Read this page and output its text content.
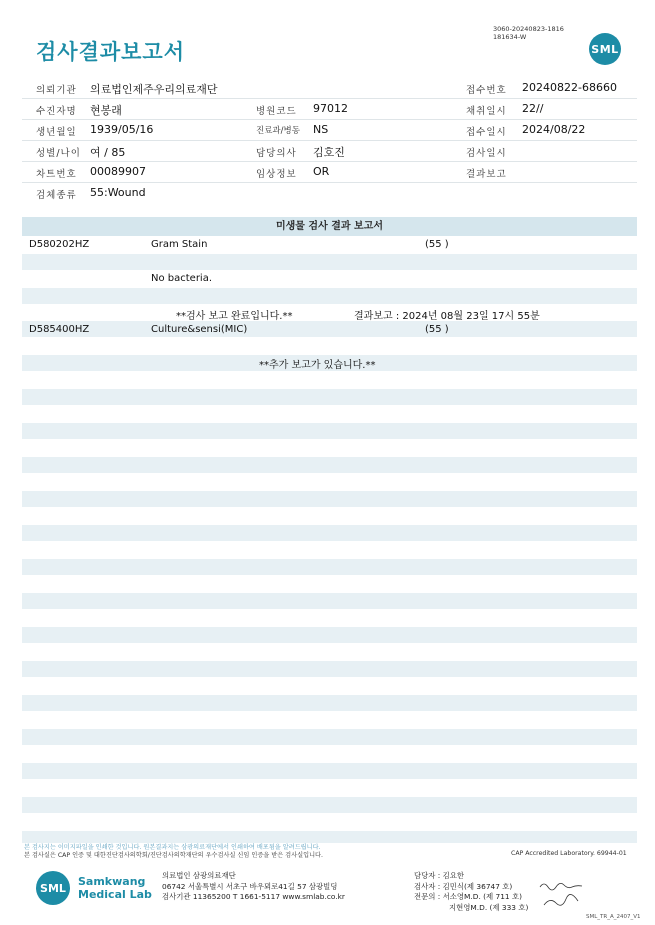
검사결과보고서
3060-20240823-1816
181634-W
SML
의뢰기관 의료법인제주우리의료재단	접수번호 20240822-68660
수진자명 현봉래	병원코드 97012	채취일시 22//
생년월일 1939/05/16	진료과/병동 NS	접수일시 2024/08/22
성별/나이 여 / 85	담당의사 김호진	검사일시
차트번호 00089907	임상정보 OR	결과보고
검체종류 55:Wound
미생물 검사 결과 보고서
D580202HZ	Gram Stain	(55 )
No bacteria.
**검사 보고 완료입니다.**	결과보고 : 2024년 08월 23일 17시 55분
D585400HZ	Culture&sensi(MIC)	(55 )
**추가 보고가 있습니다.**
본 검사지는 이미지파일을 인쇄한 것입니다. 원본결과지는 삼광의료재단에서 인쇄하여 배포됨을 알려드립니다.
본 검사실은 CAP 인증 및 대한진단검사의학회/진단검사의학재단의 우수검사실 신임 인증을 받은 검사실입니다.	CAP Accredited Laboratory. 69944-01
SML	Samkwang
Medical Lab
의료법인 삼광의료재단
06742 서울특별시 서초구 바우뫼로41길 57 삼광빌딩
검사기관 11365200 T 1661-5117 www.smlab.co.kr
담당자 : 김요한
검사자 : 김민식(제 36747 호)
전문의 : 서소영M.D. (제 711 호)
지현영M.D. (제 333 호)
SML_TR_A_2407_V1
